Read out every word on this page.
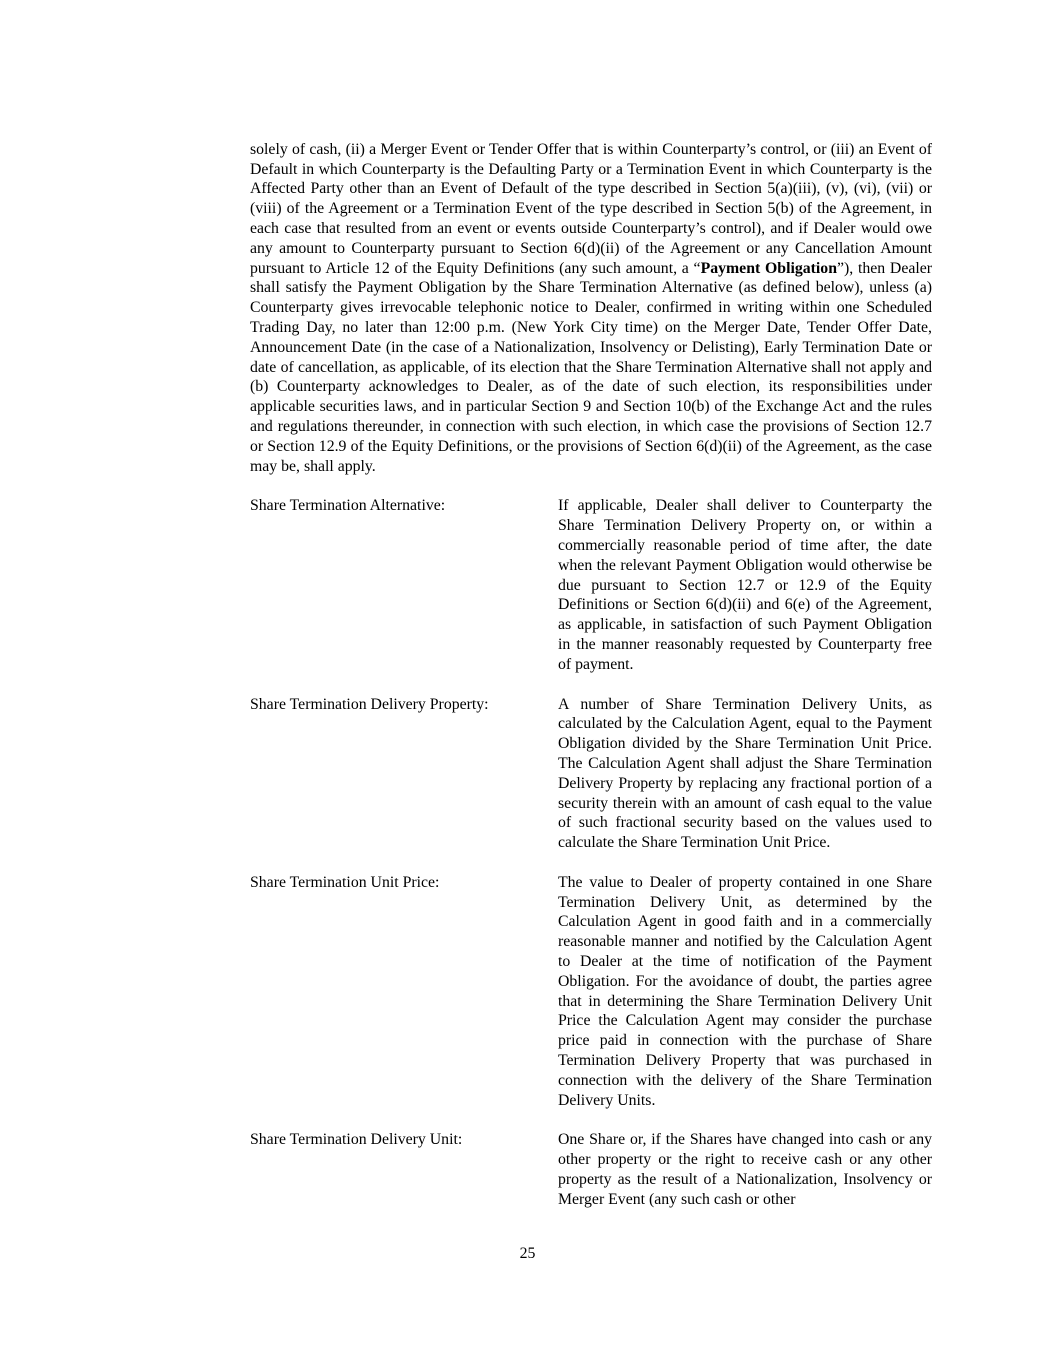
solely of cash, (ii) a Merger Event or Tender Offer that is within Counterparty’s control, or (iii) an Event of Default in which Counterparty is the Defaulting Party or a Termination Event in which Counterparty is the Affected Party other than an Event of Default of the type described in Section 5(a)(iii), (v), (vi), (vii) or (viii) of the Agreement or a Termination Event of the type described in Section 5(b) of the Agreement, in each case that resulted from an event or events outside Counterparty’s control), and if Dealer would owe any amount to Counterparty pursuant to Section 6(d)(ii) of the Agreement or any Cancellation Amount pursuant to Article 12 of the Equity Definitions (any such amount, a “Payment Obligation”), then Dealer shall satisfy the Payment Obligation by the Share Termination Alternative (as defined below), unless (a) Counterparty gives irrevocable telephonic notice to Dealer, confirmed in writing within one Scheduled Trading Day, no later than 12:00 p.m. (New York City time) on the Merger Date, Tender Offer Date, Announcement Date (in the case of a Nationalization, Insolvency or Delisting), Early Termination Date or date of cancellation, as applicable, of its election that the Share Termination Alternative shall not apply and (b) Counterparty acknowledges to Dealer, as of the date of such election, its responsibilities under applicable securities laws, and in particular Section 9 and Section 10(b) of the Exchange Act and the rules and regulations thereunder, in connection with such election, in which case the provisions of Section 12.7 or Section 12.9 of the Equity Definitions, or the provisions of Section 6(d)(ii) of the Agreement, as the case may be, shall apply.

Share Termination Alternative:	If applicable, Dealer shall deliver to Counterparty the Share Termination Delivery Property on, or within a commercially reasonable period of time after, the date when the relevant Payment Obligation would otherwise be due pursuant to Section 12.7 or 12.9 of the Equity Definitions or Section 6(d)(ii) and 6(e) of the Agreement, as applicable, in satisfaction of such Payment Obligation in the manner reasonably requested by Counterparty free of payment.
Share Termination Delivery Property:	A number of Share Termination Delivery Units, as calculated by the Calculation Agent, equal to the Payment Obligation divided by the Share Termination Unit Price. The Calculation Agent shall adjust the Share Termination Delivery Property by replacing any fractional portion of a security therein with an amount of cash equal to the value of such fractional security based on the values used to calculate the Share Termination Unit Price.
Share Termination Unit Price:	The value to Dealer of property contained in one Share Termination Delivery Unit, as determined by the Calculation Agent in good faith and in a commercially reasonable manner and notified by the Calculation Agent to Dealer at the time of notification of the Payment Obligation. For the avoidance of doubt, the parties agree that in determining the Share Termination Delivery Unit Price the Calculation Agent may consider the purchase price paid in connection with the purchase of Share Termination Delivery Property that was purchased in connection with the delivery of the Share Termination Delivery Units.
Share Termination Delivery Unit:	One Share or, if the Shares have changed into cash or any other property or the right to receive cash or any other property as the result of a Nationalization, Insolvency or Merger Event (any such cash or other
25
